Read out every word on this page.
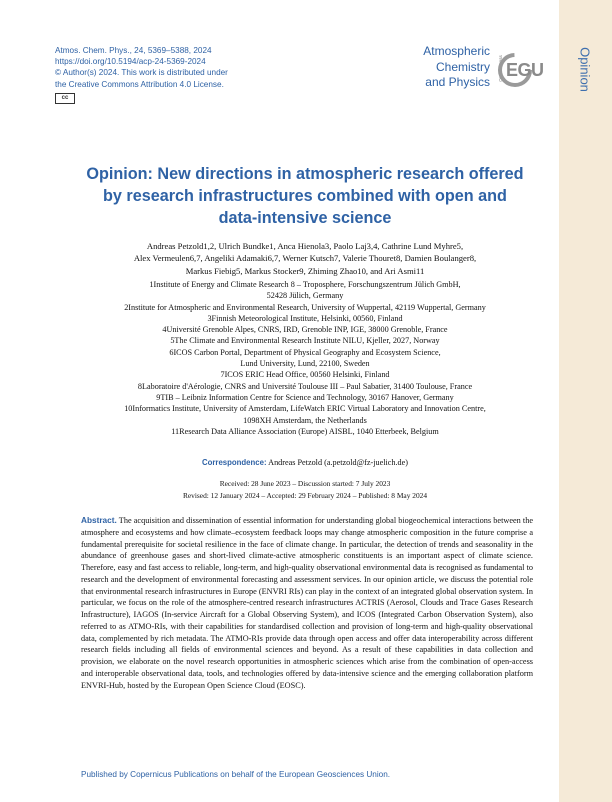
Opinion
Atmos. Chem. Phys., 24, 5369–5388, 2024
https://doi.org/10.5194/acp-24-5369-2024
© Author(s) 2024. This work is distributed under
the Creative Commons Attribution 4.0 License.
cc
Atmospheric
Chemistry
and Physics
Open Access EGU
Opinion: New directions in atmospheric research offered
by research infrastructures combined with open and
data-intensive science
Andreas Petzold1,2, Ulrich Bundke1, Anca Hienola3, Paolo Laj3,4, Cathrine Lund Myhre5,
Alex Vermeulen6,7, Angeliki Adamaki6,7, Werner Kutsch7, Valerie Thouret8, Damien Boulanger8,
Markus Fiebig5, Markus Stocker9, Zhiming Zhao10, and Ari Asmi11
1Institute of Energy and Climate Research 8 – Troposphere, Forschungszentrum Jülich GmbH,
52428 Jülich, Germany
2Institute for Atmospheric and Environmental Research, University of Wuppertal, 42119 Wuppertal, Germany
3Finnish Meteorological Institute, Helsinki, 00560, Finland
4Université Grenoble Alpes, CNRS, IRD, Grenoble INP, IGE, 38000 Grenoble, France
5The Climate and Environmental Research Institute NILU, Kjeller, 2027, Norway
6ICOS Carbon Portal, Department of Physical Geography and Ecosystem Science,
Lund University, Lund, 22100, Sweden
7ICOS ERIC Head Office, 00560 Helsinki, Finland
8Laboratoire d'Aérologie, CNRS and Université Toulouse III – Paul Sabatier, 31400 Toulouse, France
9TIB – Leibniz Information Centre for Science and Technology, 30167 Hanover, Germany
10Informatics Institute, University of Amsterdam, LifeWatch ERIC Virtual Laboratory and Innovation Centre,
1098XH Amsterdam, the Netherlands
11Research Data Alliance Association (Europe) AISBL, 1040 Etterbeek, Belgium
Correspondence: Andreas Petzold (a.petzold@fz-juelich.de)
Received: 28 June 2023 – Discussion started: 7 July 2023
Revised: 12 January 2024 – Accepted: 29 February 2024 – Published: 8 May 2024
Abstract. The acquisition and dissemination of essential information for understanding global biogeochemical interactions between the atmosphere and ecosystems and how climate–ecosystem feedback loops may change atmospheric composition in the future comprise a fundamental prerequisite for societal resilience in the face of climate change. In particular, the detection of trends and seasonality in the abundance of greenhouse gases and short-lived climate-active atmospheric constituents is an important aspect of climate science. Therefore, easy and fast access to reliable, long-term, and high-quality observational environmental data is recognised as fundamental to research and the development of environmental forecasting and assessment services. In our opinion article, we discuss the potential role that environmental research infrastructures in Europe (ENVRI RIs) can play in the context of an integrated global observation system. In particular, we focus on the role of the atmosphere-centred research infrastructures ACTRIS (Aerosol, Clouds and Trace Gases Research Infrastructure), IAGOS (In-service Aircraft for a Global Observing System), and ICOS (Integrated Carbon Observation System), also referred to as ATMO-RIs, with their capabilities for standardised collection and provision of long-term and high-quality observational data, complemented by rich metadata. The ATMO-RIs provide data through open access and offer data interoperability across different research fields including all fields of environmental sciences and beyond. As a result of these capabilities in data collection and provision, we elaborate on the novel research opportunities in atmospheric sciences which arise from the combination of open-access and interoperable observational data, tools, and technologies offered by data-intensive science and the emerging collaboration platform ENVRI-Hub, hosted by the European Open Science Cloud (EOSC).
Published by Copernicus Publications on behalf of the European Geosciences Union.
